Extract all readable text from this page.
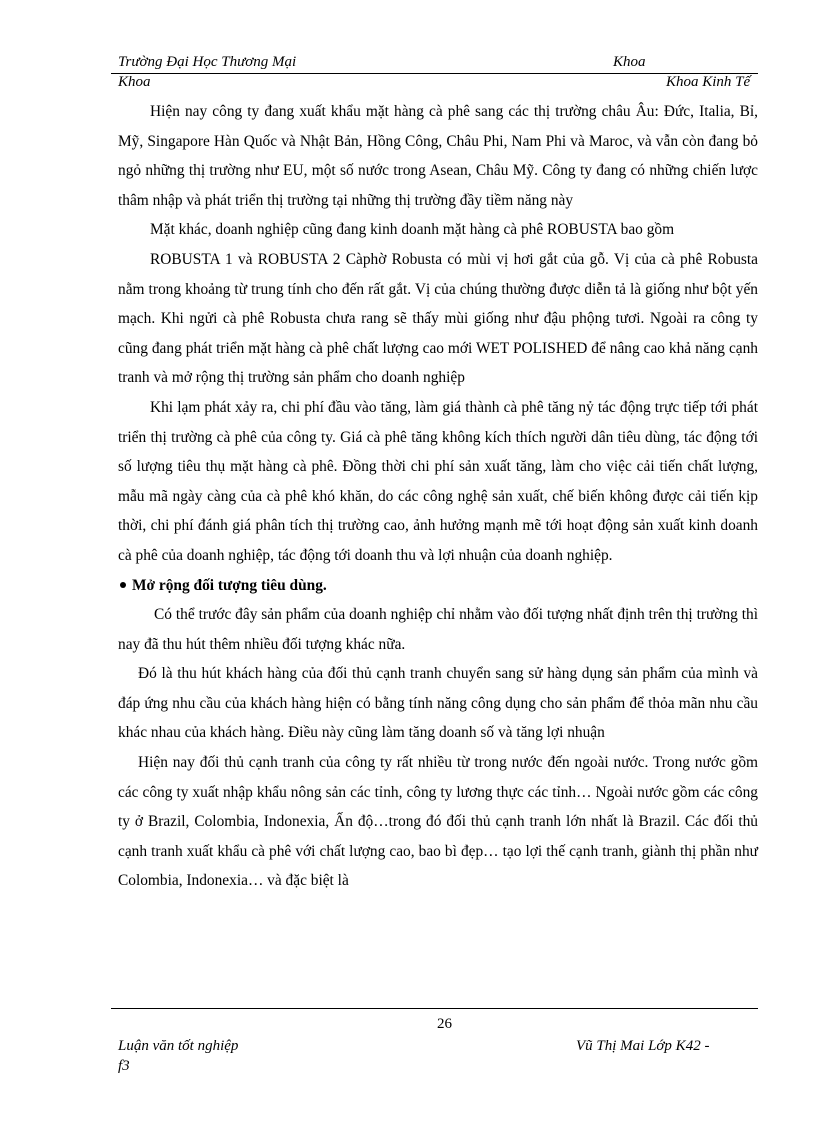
Trường Đại Học Thương Mại	Khoa
Khoa	Khoa Kinh Tế

Hiện nay công ty đang xuất khẩu mặt hàng cà phê sang các thị trường châu Âu: Đức, Italia, Bỉ, Mỹ, Singapore Hàn Quốc và Nhật Bản, Hồng Công, Châu Phi, Nam Phi và Maroc, và vẫn còn đang bỏ ngỏ những thị trường như EU, một số nước trong Asean, Châu Mỹ. Công ty đang có những chiến lược thâm nhập và phát triển thị trường tại những thị trường đầy tiềm năng này

Mặt khác, doanh nghiệp cũng đang kinh doanh mặt hàng cà phê ROBUSTA bao gồm

ROBUSTA 1 và ROBUSTA 2 Càphờ Robusta có mùi vị hơi gắt của gỗ. Vị của cà phê Robusta nằm trong khoảng từ trung tính cho đến rất gắt. Vị của chúng thường được diễn tả là giống như bột yến mạch. Khi ngửi cà phê Robusta chưa rang sẽ thấy mùi giống như đậu phộng tươi. Ngoài ra công ty cũng đang phát triển mặt hàng cà phê chất lượng cao mới WET POLISHED để nâng cao khả năng cạnh tranh và mở rộng thị trường sản phẩm cho doanh nghiệp

Khi lạm phát xảy ra, chi phí đầu vào tăng, làm giá thành cà phê tăng nỷ tác động trực tiếp tới phát triển thị trường cà phê của công ty. Giá cà phê tăng không kích thích người dân tiêu dùng, tác động tới số lượng tiêu thụ mặt hàng cà phê. Đồng thời chi phí sản xuất tăng, làm cho việc cải tiến chất lượng, mẫu mã ngày càng của cà phê khó khăn, do các công nghệ sản xuất, chế biến không được cải tiến kịp thời, chi phí đánh giá phân tích thị trường cao, ảnh hưởng mạnh mẽ tới hoạt động sản xuất kinh doanh cà phê của doanh nghiệp, tác động tới doanh thu và lợi nhuận của doanh nghiệp.

Mở rộng đối tượng tiêu dùng.

Có thể trước đây sản phẩm của doanh nghiệp chỉ nhằm vào đối tượng nhất định trên thị trường thì nay đã thu hút thêm nhiều đối tượng khác nữa.

Đó là thu hút khách hàng của đối thủ cạnh tranh chuyển sang sử hàng dụng sản phẩm của mình và đáp ứng nhu cầu của khách hàng hiện có bằng tính năng công dụng cho sản phẩm để thỏa mãn nhu cầu khác nhau của khách hàng. Điều này cũng làm tăng doanh số và tăng lợi nhuận

Hiện nay đối thủ cạnh tranh của công ty rất nhiều từ trong nước đến ngoài nước. Trong nước gồm các công ty xuất nhập khẩu nông sản các tỉnh, công ty lương thực các tỉnh… Ngoài nước gồm các công ty ở Brazil, Colombia, Indonexia, Ấn độ…trong đó đối thủ cạnh tranh lớn nhất là Brazil. Các đối thủ cạnh tranh xuất khẩu cà phê với chất lượng cao, bao bì đẹp… tạo lợi thế cạnh tranh, giành thị phần như Colombia, Indonexia… và đặc biệt là

26
Luận văn tốt nghiệp	Vũ Thị Mai Lớp K42 -
f3
